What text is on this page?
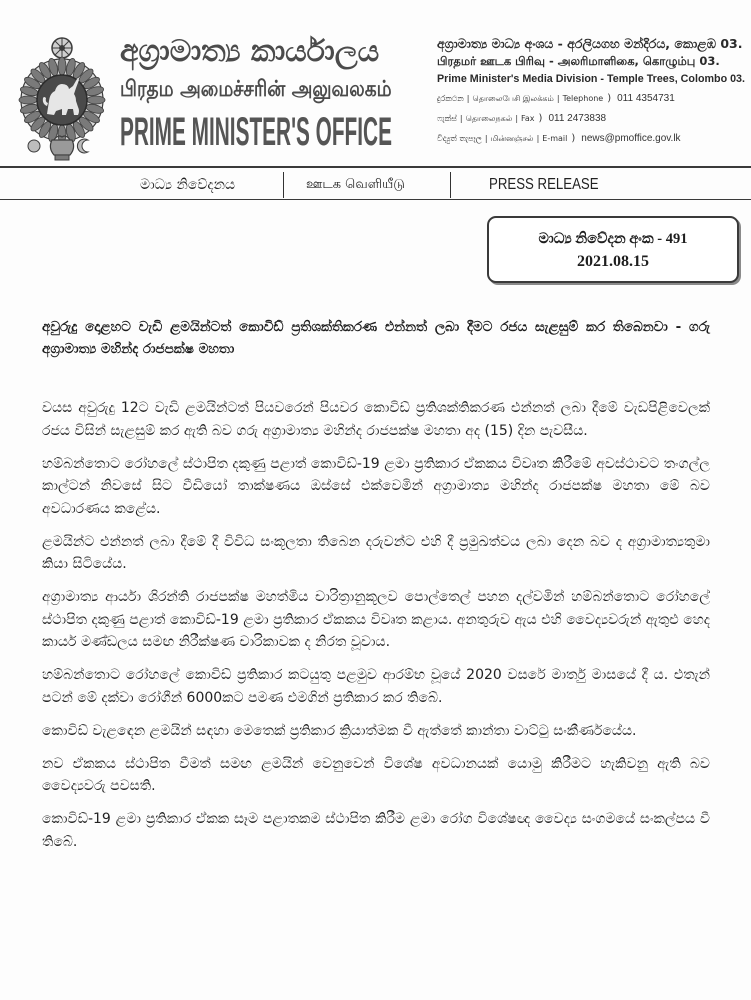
අග්‍රාමාත්‍ය කාර්යාලය
பிரதம அமைச்சரின் அலுவலகம்
PRIME MINISTER'S OFFICE
අග්‍රාමාත්‍ය මාධ්‍ය අංශය - අරලියගහ මන්දිරය, කොළඹ 03.
பிரதமர் ஊடக பிரிவு - அலரிமாளிகை, கொழும்பு 03.
Prime Minister's Media Division - Temple Trees, Colombo 03.
දුරකථන | தொலைபேசி இலக்கம் | Telephone ) 011 4354731
ෆැක්ස් | தொலைநகல் | Fax ) 011 2473838
විද්‍යුත් තැපෑල | மின்னஞ்சல் | E-mail ) news@pmoffice.gov.lk
මාධ්‍ය නිවේදනය	ஊடக வெளியீடு	PRESS RELEASE
මාධ්‍ය නිවේදන අංක - 491
2021.08.15
අවුරුදු දොළහට වැඩි ළමයින්ටත් කොවිඩ් ප්‍රතිශක්තිකරණ එන්නත් ලබා දීමට රජය සැළසුම් කර තිබෙනවා - ගරු අග්‍රාමාත්‍ය මහින්ද රාජපක්ෂ මහතා

වයස අවුරුදු 12ට වැඩි ළමයින්ටත් පියවරෙන් පියවර කොවිඩ් ප්‍රතිශක්තිකරණ එන්නත් ලබා දීමේ වැඩපිළිවෙලක් රජය විසින් සැළසුම් කර ඇති බව ගරු අග්‍රාමාත්‍ය මහින්ද රාජපක්ෂ මහතා අද (15) දින පැවසීය.

හම්බන්තොට රෝහලේ ස්ථාපිත දකුණු පළාත් කොවිඩ්-19 ළමා ප්‍රතිකාර ඒකකය විවෘත කිරීමේ අවස්ථාවට තංගල්ල කාල්ටන් නිවසේ සිට වීඩියෝ තාක්ෂණය ඔස්සේ එක්වෙමින් අග්‍රාමාත්‍ය මහින්ද රාජපක්ෂ මහතා මේ බව අවධාරණය කළේය.

ළමයින්ට එන්නත් ලබා දීමේ දී විවිධ සංකූලතා තිබෙන දරුවන්ට එහි දී ප්‍රමුඛත්වය ලබා දෙන බව ද අග්‍රාමාත්‍යතුමා කියා සිටියේය.

අග්‍රාමාත්‍ය ආර්යා ශිරන්ති රාජපක්ෂ මහත්මිය චාරිත්‍රානුකූලව පොල්තෙල් පහන දල්වමින් හම්බන්තොට රෝහලේ ස්ථාපිත දකුණු පළාත් කොවිඩ්-19 ළමා ප්‍රතිකාර ඒකකය විවෘත කළාය. අනතුරුව ඇය එහි වෛද්‍යවරුන් ඇතුළු හෙද කාර්ය මණ්ඩලය සමඟ නිරීක්ෂණ චාරිකාවක ද නිරත වූවාය.

හම්බන්තොට රෝහලේ කොවිඩ් ප්‍රතිකාර කටයුතු පළමුව ආරම්භ වූයේ 2020 වසරේ මාර්තු මාසයේ දී ය. එතැන් පටන් මේ දක්වා රෝගීන් 6000කට පමණ එමගින් ප්‍රතිකාර කර තිබේ.

කොවිඩ් වැළඳෙන ළමයින් සඳහා මෙතෙක් ප්‍රතිකාර ක්‍රියාත්මක වී ඇත්තේ කාන්තා වාට්ටු සංකීර්ණයේය.

නව ඒකකය ස්ථාපිත වීමත් සමඟ ළමයින් වෙනුවෙන් විශේෂ අවධානයක් යොමු කිරීමට හැකිවනු ඇති බව වෛද්‍යවරු පවසති.

කොවිඩ්-19 ළමා ප්‍රතිකාර ඒකක සෑම පළාතකම ස්ථාපිත කිරීම ළමා රෝග විශේෂඥ වෛද්‍ය සංගමයේ සංකල්පය වී තිබේ.
